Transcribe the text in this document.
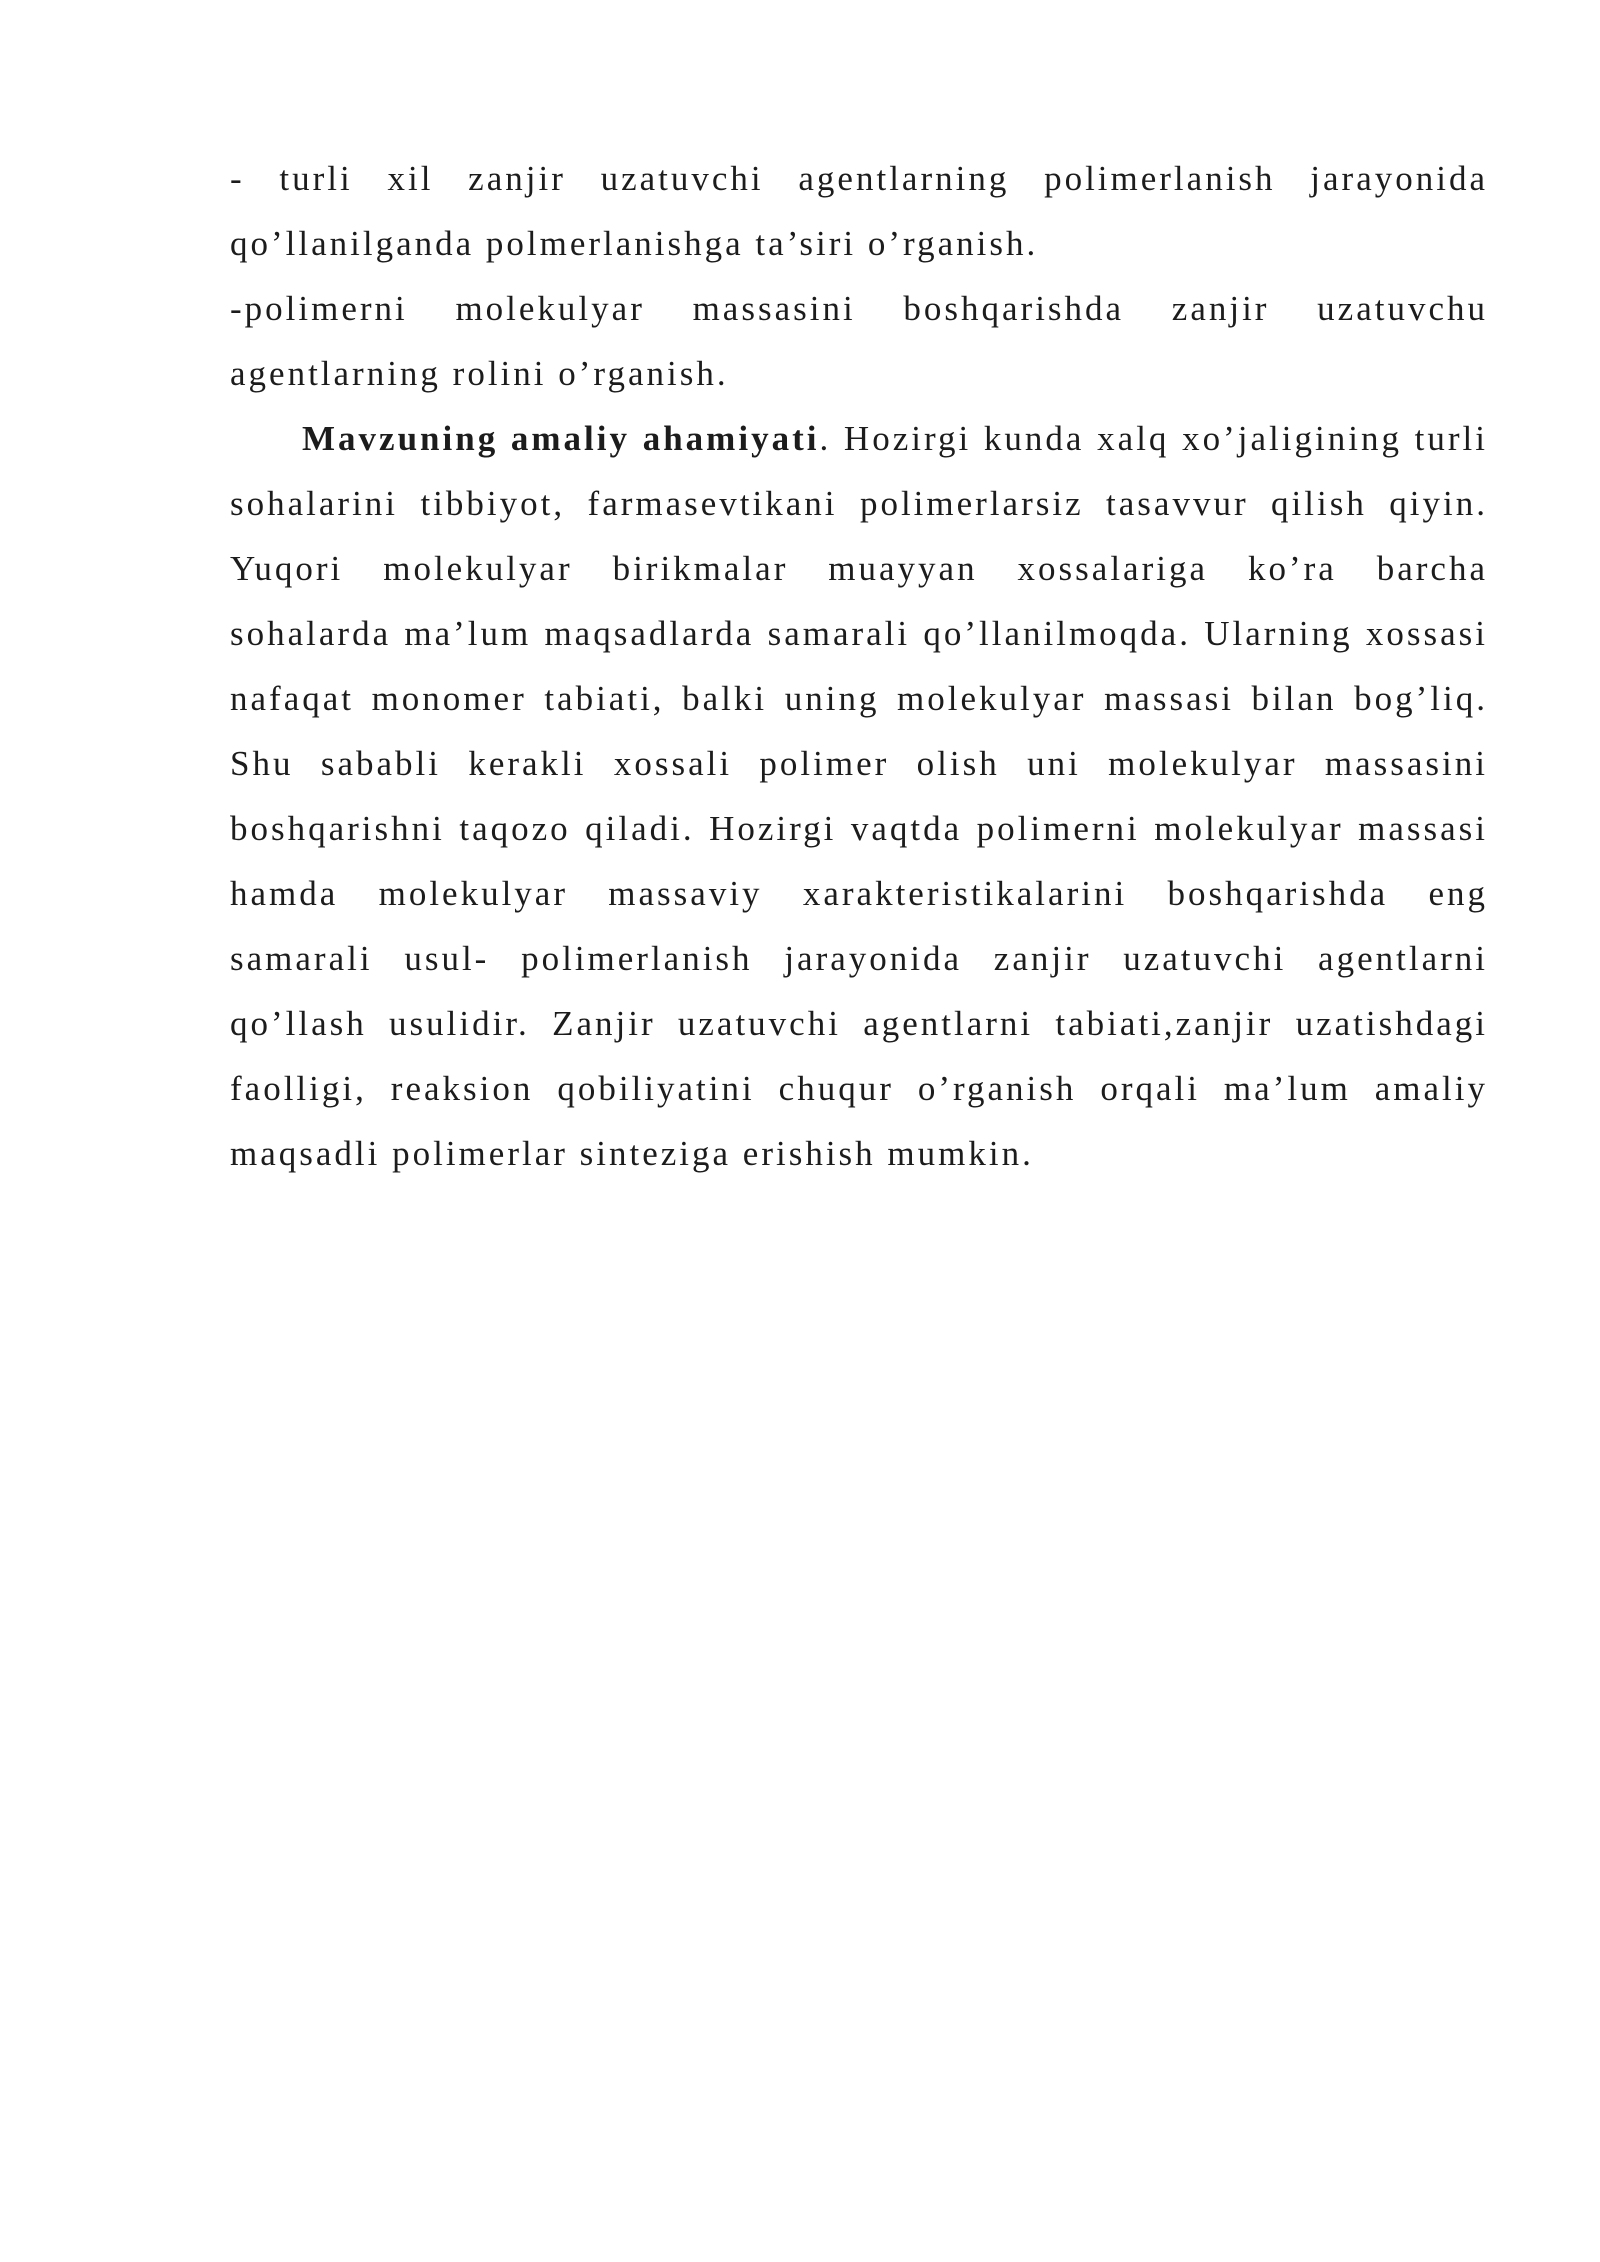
- turli xil zanjir uzatuvchi agentlarning polimerlanish jarayonida qo’llanilganda polmerlanishga ta’siri o’rganish.

-polimerni molekulyar massasini boshqarishda zanjir uzatuvchu agentlarning rolini o’rganish.

Mavzuning amaliy ahamiyati. Hozirgi kunda xalq xo’jaligining turli sohalarini tibbiyot, farmasevtikani polimerlarsiz tasavvur qilish qiyin. Yuqori molekulyar birikmalar muayyan xossalariga ko’ra barcha sohalarda ma’lum maqsadlarda samarali qo’llanilmoqda. Ularning xossasi nafaqat monomer tabiati, balki uning molekulyar massasi bilan bog’liq. Shu sababli kerakli xossali polimer olish uni molekulyar massasini boshqarishni taqozo qiladi. Hozirgi vaqtda polimerni molekulyar massasi hamda molekulyar massaviy xarakteristikalarini boshqarishda eng samarali usul- polimerlanish jarayonida zanjir uzatuvchi agentlarni qo’llash usulidir. Zanjir uzatuvchi agentlarni tabiati,zanjir uzatishdagi faolligi, reaksion qobiliyatini chuqur o’rganish orqali ma’lum amaliy maqsadli polimerlar sinteziga erishish mumkin.
